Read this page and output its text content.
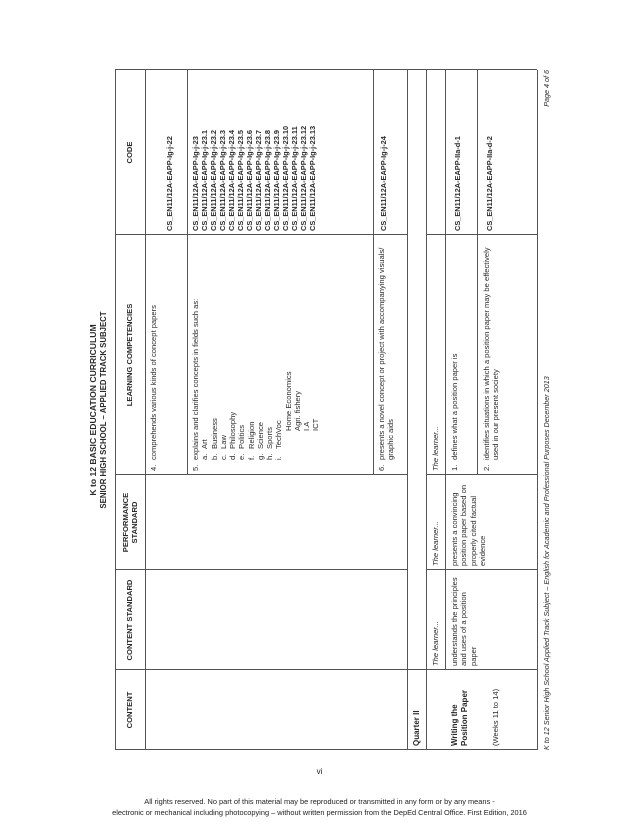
K to 12 BASIC EDUCATION CURRICULUM SENIOR HIGH SCHOOL – APPLIED TRACK SUBJECT
CONTENT
CONTENT STANDARD
PERFORMANCE STANDARD
LEARNING COMPETENCIES
CODE
4.
comprehends various kinds of concept papers
CS_EN11/12A-EAPP-Ig-j-22
5.
explains and clarifies concepts in fields such as: a.
Art
b.
Business
c.
Law
d.
Philosophy
e.
Politics
f.
Religion
g.
Science
h.
Sports
i.
TechVoc
Home Economics Agri. fishery I.A ICT
CS_EN11/12A-EAPP-Ig-j-23 CS_EN11/12A-EAPP-Ig-j-23.1 CS_EN11/12A-EAPP-Ig-j-23.2 CS_EN11/12A-EAPP-Ig-j-23.3 CS_EN11/12A-EAPP-Ig-j-23.4 CS_EN11/12A-EAPP-Ig-j-23.5 CS_EN11/12A-EAPP-Ig-j-23.6 CS_EN11/12A-EAPP-Ig-j-23.7 CS_EN11/12A-EAPP-Ig-j-23.8 CS_EN11/12A-EAPP-Ig-j-23.9 CS_EN11/12A-EAPP-Ig-j-23.10 CS_EN11/12A-EAPP-Ig-j-23.11 CS_EN11/12A-EAPP-Ig-j-23.12 CS_EN11/12A-EAPP-Ig-j-23.13
6.
presents a novel concept or project with accompanying visuals/ graphic aids
CS_EN11/12A-EAPP-Ig-j-24
Quarter II
The learner...
The learner...
The learner...
Writing the Position Paper	(Weeks 11 to 14)
understands the principles and uses of a position paper
presents a convincing position paper based on properly cited factual evidence
1.
defines what a position paper is
CS_EN11/12A-EAPP-IIa-d-1
2.
identifies situations in which a position paper may be effectively used in our present society
CS_EN11/12A-EAPP-IIa-d-2
K to 12 Senior High School Applied Track Subject – English for Academic and Professional Purposes December 2013
Page 4 of 6
vi
All rights reserved. No part of this material may be reproduced or transmitted in any form or by any means -
electronic or mechanical including photocopying – without written permission from the DepEd Central Office. First Edition, 2016
